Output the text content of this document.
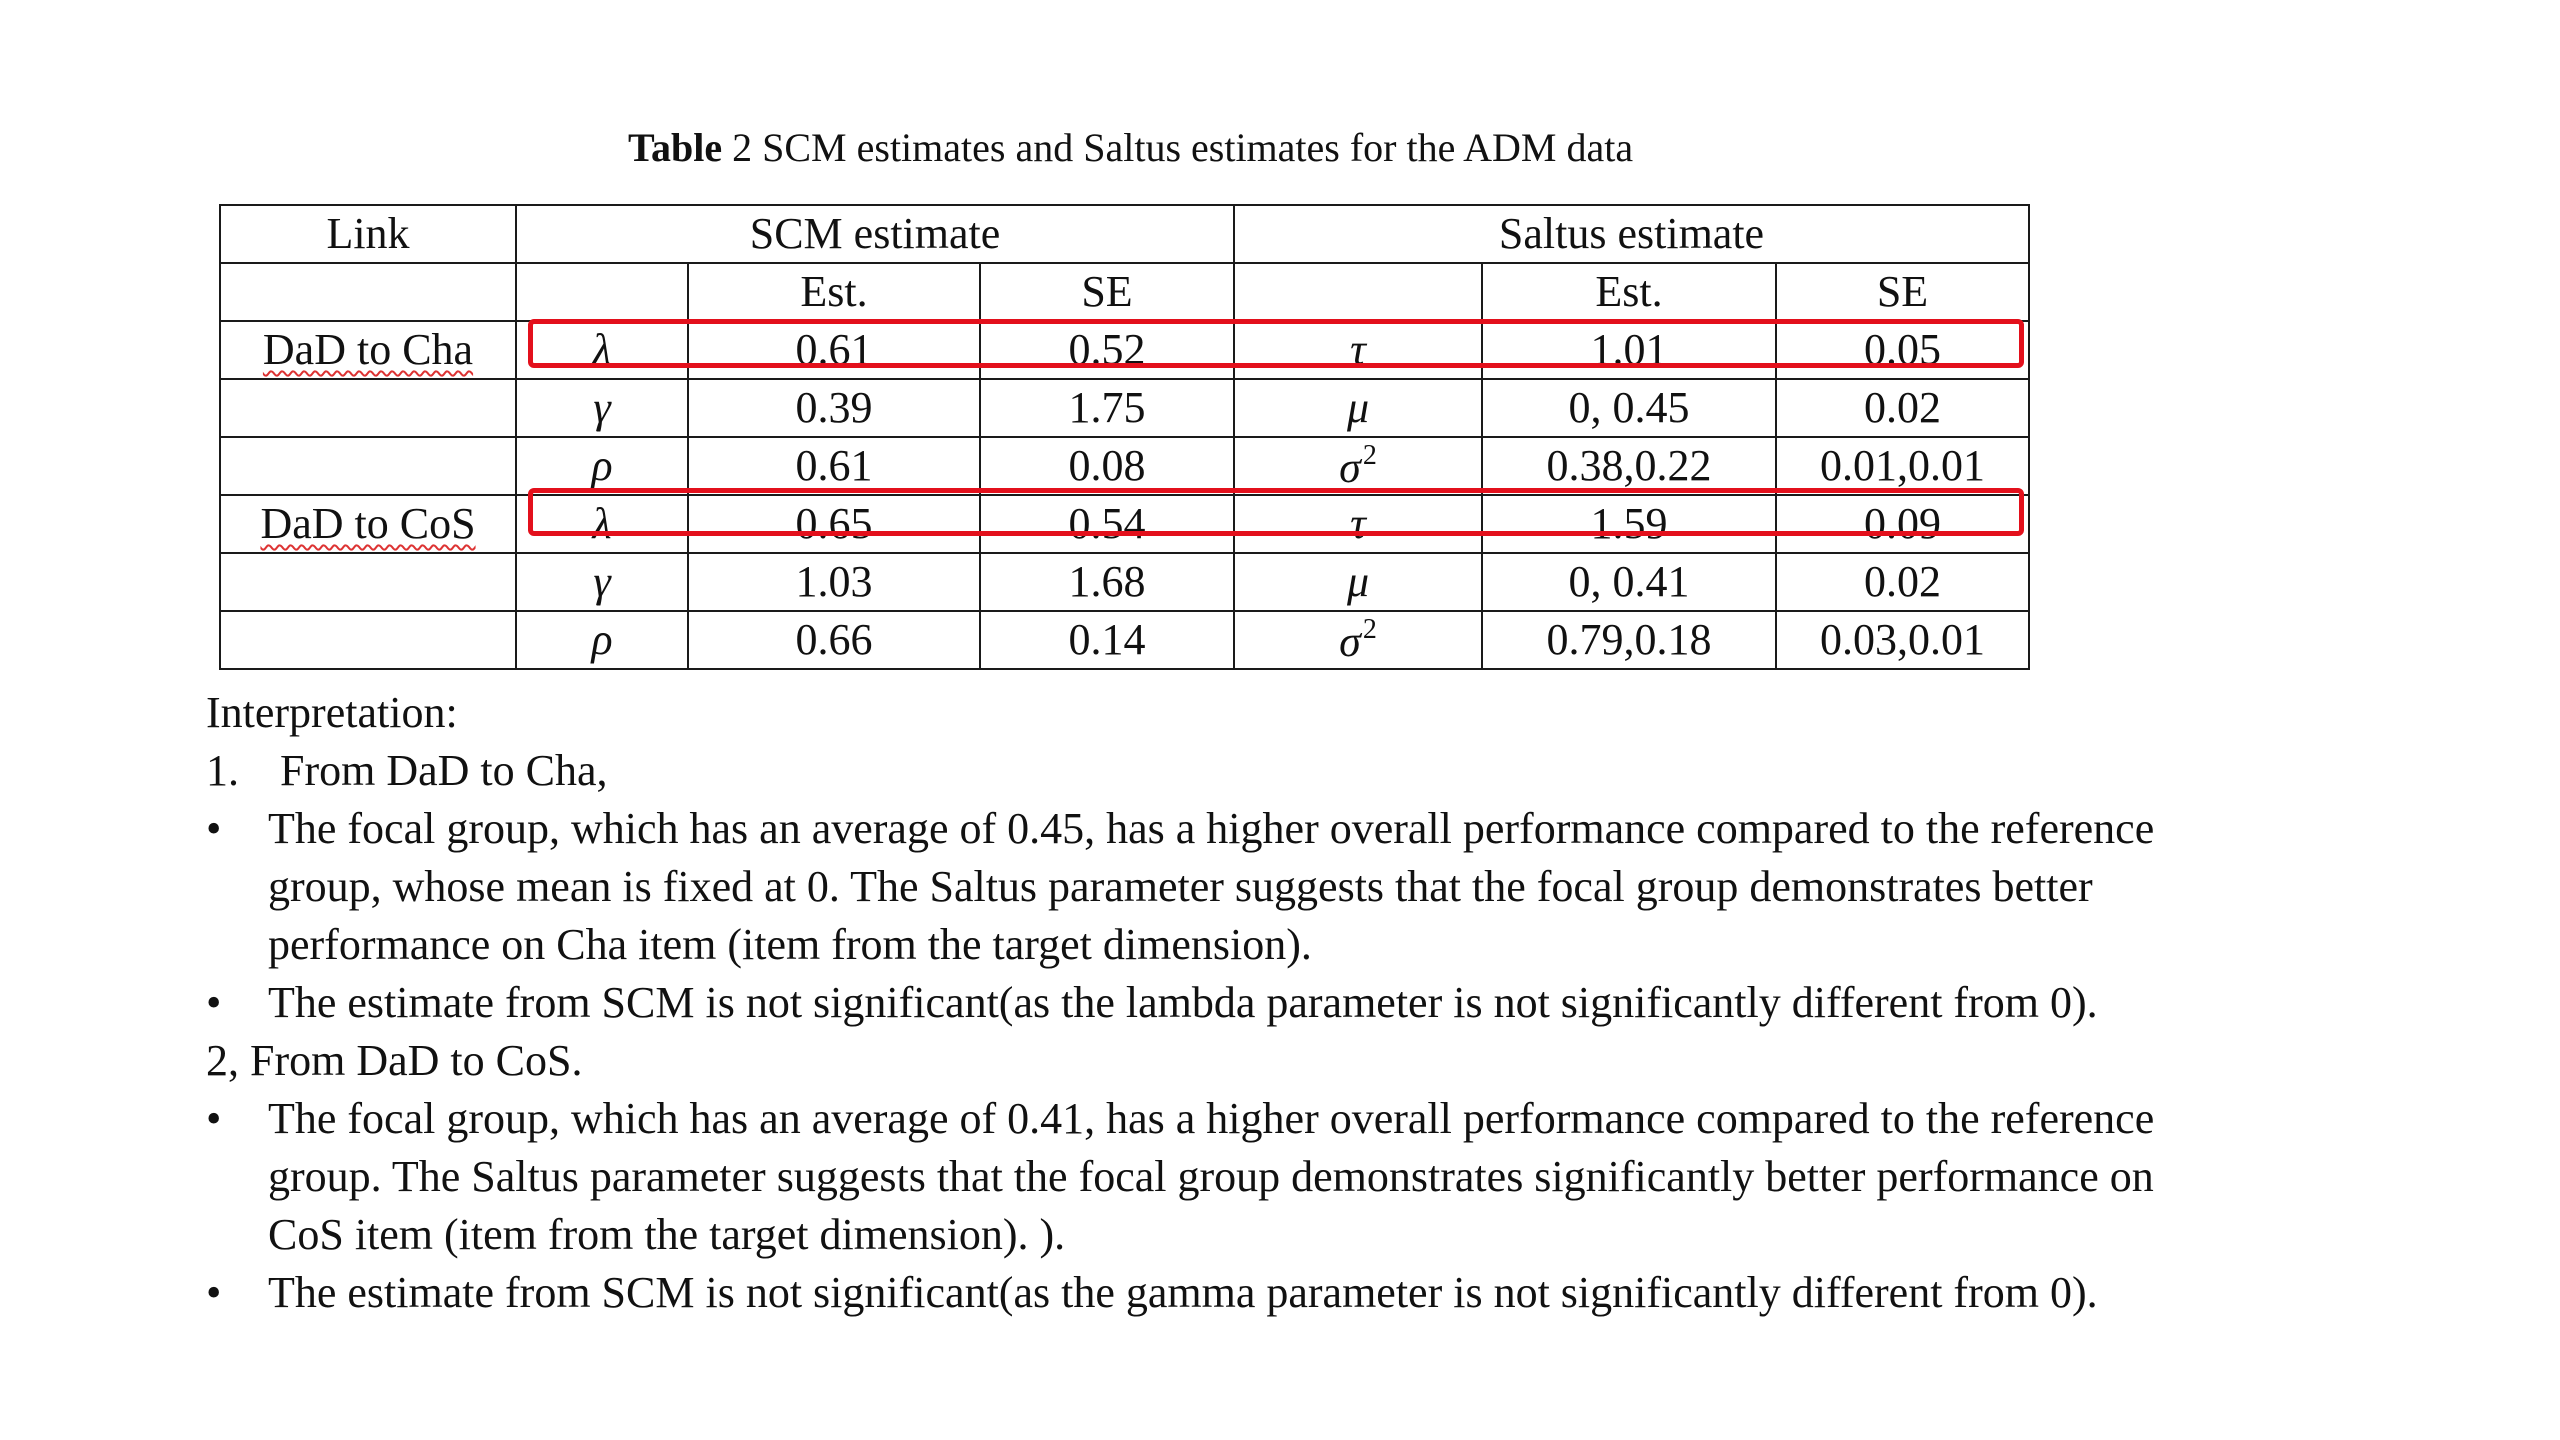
Table 2 SCM estimates and Saltus estimates for the ADM data
Link	SCM estimate			Saltus estimate		
		Est.	SE		Est.	SE
DaD to Cha	λ	0.61	0.52	τ	1.01	0.05
	γ	0.39	1.75	μ	0, 0.45	0.02
	ρ	0.61	0.08	$\sigma^2$	0.38,0.22	0.01,0.01
DaD to CoS	λ	0.65	0.54	τ	1.59	0.09
	γ	1.03	1.68	μ	0, 0.41	0.02
	ρ	0.66	0.14	$\sigma^2$	0.79,0.18	0.03,0.01
Interpretation:
1. From DaD to Cha,
•	The focal group, which has an average of 0.45, has a higher overall performance compared to the reference
group, whose mean is fixed at 0. The Saltus parameter suggests that the focal group demonstrates better
performance on Cha item (item from the target dimension).
•	The estimate from SCM is not significant(as the lambda parameter is not significantly different from 0).
2, From DaD to CoS.
•	The focal group, which has an average of 0.41, has a higher overall performance compared to the reference
group. The Saltus parameter suggests that the focal group demonstrates significantly better performance on
CoS item (item from the target dimension). ).
•	The estimate from SCM is not significant(as the gamma parameter is not significantly different from 0).
